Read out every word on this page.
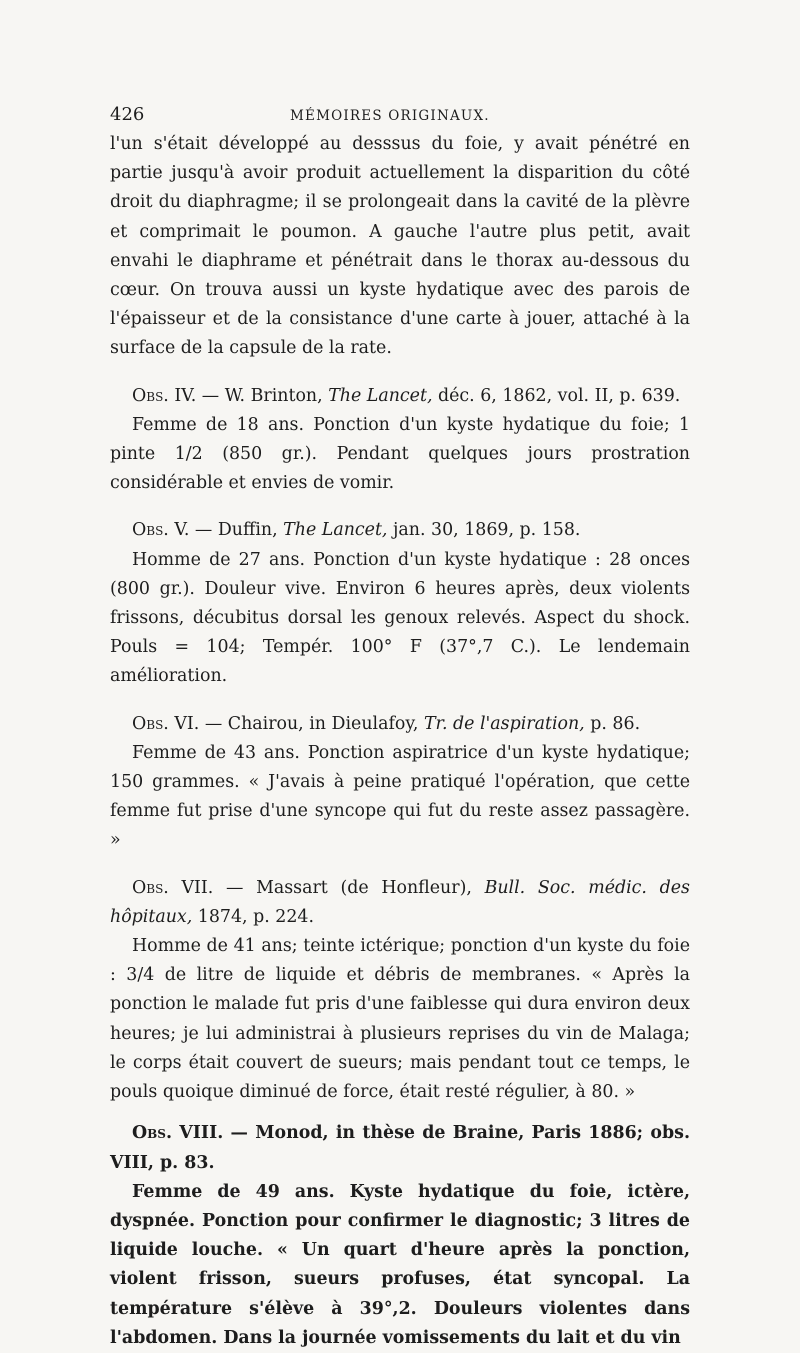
426	MÉMOIRES ORIGINAUX.

l'un s'était développé au desssus du foie, y avait pénétré en partie jusqu'à avoir produit actuellement la disparition du côté droit du diaphragme; il se prolongeait dans la cavité de la plèvre et comprimait le poumon. A gauche l'autre plus petit, avait envahi le diaphrame et pénétrait dans le thorax au-dessous du cœur. On trouva aussi un kyste hydatique avec des parois de l'épaisseur et de la consistance d'une carte à jouer, attaché à la surface de la capsule de la rate.

Obs. IV. — W. Brinton, The Lancet, déc. 6, 1862, vol. II, p. 639.

Femme de 18 ans. Ponction d'un kyste hydatique du foie; 1 pinte 1/2 (850 gr.). Pendant quelques jours prostration considérable et envies de vomir.

Obs. V. — Duffin, The Lancet, jan. 30, 1869, p. 158.

Homme de 27 ans. Ponction d'un kyste hydatique : 28 onces (800 gr.). Douleur vive. Environ 6 heures après, deux violents frissons, décubitus dorsal les genoux relevés. Aspect du shock. Pouls = 104; Tempér. 100° F (37°,7 C.). Le lendemain amélioration.

Obs. VI. — Chairou, in Dieulafoy, Tr. de l'aspiration, p. 86.

Femme de 43 ans. Ponction aspiratrice d'un kyste hydatique; 150 grammes. « J'avais à peine pratiqué l'opération, que cette femme fut prise d'une syncope qui fut du reste assez passagère. »

Obs. VII. — Massart (de Honfleur), Bull. Soc. médic. des hôpitaux, 1874, p. 224.

Homme de 41 ans; teinte ictérique; ponction d'un kyste du foie : 3/4 de litre de liquide et débris de membranes. « Après la ponction le malade fut pris d'une faiblesse qui dura environ deux heures; je lui administrai à plusieurs reprises du vin de Malaga; le corps était couvert de sueurs; mais pendant tout ce temps, le pouls quoique diminué de force, était resté régulier, à 80. »

Obs. VIII. — Monod, in thèse de Braine, Paris 1886; obs. VIII, p. 83.

Femme de 49 ans. Kyste hydatique du foie, ictère, dyspnée. Ponction pour confirmer le diagnostic; 3 litres de liquide louche. « Un quart d'heure après la ponction, violent frisson, sueurs profuses, état syncopal. La température s'élève à 39°,2. Douleurs violentes dans l'abdomen. Dans la journée vomissements du lait et du vin
